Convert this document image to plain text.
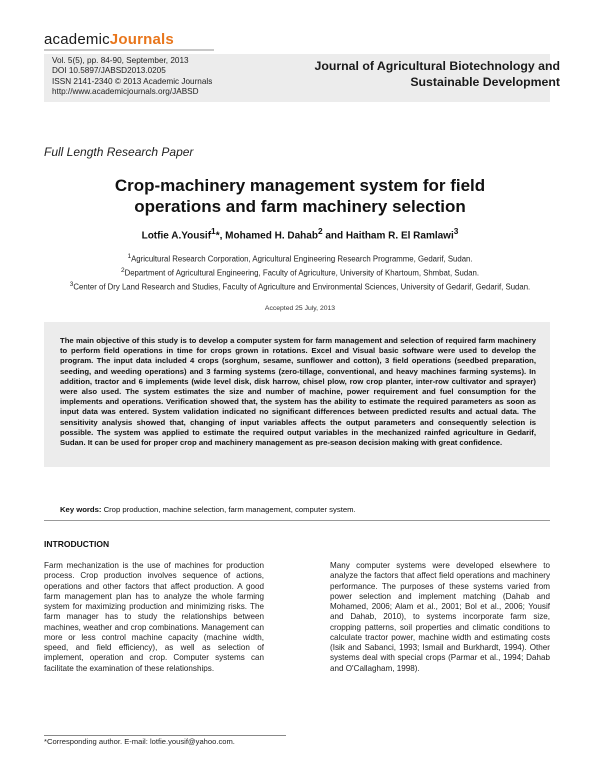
academicJournals
Vol. 5(5), pp. 84-90, September, 2013
DOI 10.5897/JABSD2013.0205
ISSN 2141-2340 © 2013 Academic Journals
http://www.academicjournals.org/JABSD
Journal of Agricultural Biotechnology and
Sustainable Development
Full Length Research Paper
Crop-machinery management system for field
operations and farm machinery selection
Lotfie A.Yousif$^1$*, Mohamed H. Dahab$^2$ and Haitham R. El Ramlawi$^3$
$^1$Agricultural Research Corporation, Agricultural Engineering Research Programme, Gedarif, Sudan.
$^2$Department of Agricultural Engineering, Faculty of Agriculture, University of Khartoum, Shmbat, Sudan.
$^3$Center of Dry Land Research and Studies, Faculty of Agriculture and Environmental Sciences, University of Gedarif, Gedarif, Sudan.
Accepted 25 July, 2013
The main objective of this study is to develop a computer system for farm management and selection of required farm machinery to perform field operations in time for crops grown in rotations. Excel and Visual basic software were used to develop the program. The input data included 4 crops (sorghum, sesame, sunflower and cotton), 3 field operations (seedbed preparation, seeding, and weeding operations) and 3 farming systems (zero-tillage, conventional, and heavy machines farming systems). In addition, tractor and 6 implements (wide level disk, disk harrow, chisel plow, row crop planter, inter-row cultivator and sprayer) were also used. The system estimates the size and number of machine, power requirement and fuel consumption for the implements and operations. Verification showed that, the system has the ability to estimate the required parameters as soon as input data was entered. System validation indicated no significant differences between predicted results and actual data. The sensitivity analysis showed that, changing of input variables affects the output parameters and consequently selection is possible. The system was applied to estimate the required output variables in the mechanized rainfed agriculture in Gedarif, Sudan. It can be used for proper crop and machinery management as pre-season decision making with great confidence.
Key words: Crop production, machine selection, farm management, computer system.
INTRODUCTION
Farm mechanization is the use of machines for production process. Crop production involves sequence of actions, operations and other factors that affect production. A good farm management plan has to analyze the whole farming system for maximizing production and minimizing risks. The farm manager has to study the relationships between machines, weather and crop combinations. Management can more or less control machine capacity (machine width, speed, and field efficiency), as well as selection of implement, operation and crop. Computer systems can facilitate the examination of these relationships.
Many computer systems were developed elsewhere to analyze the factors that affect field operations and machinery performance. The purposes of these systems varied from power selection and implement matching (Dahab and Mohamed, 2006; Alam et al., 2001; Bol et al., 2006; Yousif and Dahab, 2010), to systems incorporate farm size, cropping patterns, soil properties and climatic conditions to calculate tractor power, machine width and estimating costs (Isik and Sabanci, 1993; Ismail and Burkhardt, 1994). Other systems deal with special crops (Parmar et al., 1994; Dahab and O'Callagham, 1998).
*Corresponding author. E-mail: lotfie.yousif@yahoo.com.
